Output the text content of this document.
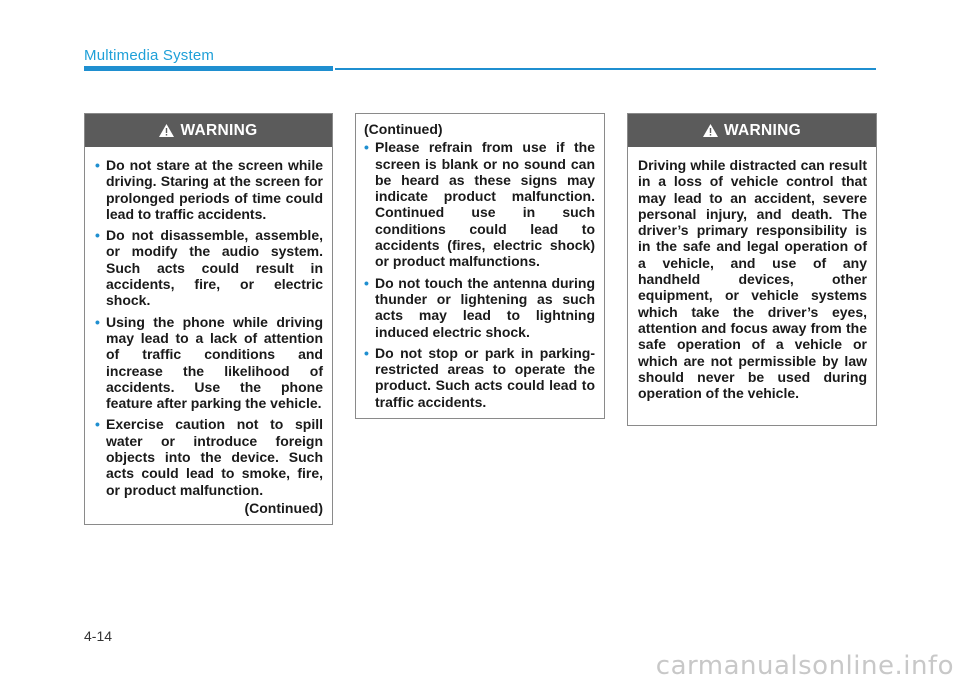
Multimedia System
WARNING
• Do not stare at the screen while driving. Staring at the screen for prolonged periods of time could lead to traffic accidents.
• Do not disassemble, assemble, or modify the audio system. Such acts could result in accidents, fire, or electric shock.
• Using the phone while driving may lead to a lack of attention of traffic conditions and increase the likelihood of accidents. Use the phone feature after parking the vehicle.
• Exercise caution not to spill water or introduce foreign objects into the device. Such acts could lead to smoke, fire, or product malfunction.
(Continued)
(Continued)
• Please refrain from use if the screen is blank or no sound can be heard as these signs may indicate product malfunction. Continued use in such conditions could lead to accidents (fires, electric shock) or product malfunctions.
• Do not touch the antenna during thunder or lightening as such acts may lead to lightning induced electric shock.
• Do not stop or park in parking-restricted areas to operate the product. Such acts could lead to traffic accidents.
WARNING
Driving while distracted can result in a loss of vehicle control that may lead to an accident, severe personal injury, and death. The driver’s primary responsibility is in the safe and legal operation of a vehicle, and use of any handheld devices, other equipment, or vehicle systems which take the driver’s eyes, attention and focus away from the safe operation of a vehicle or which are not permissible by law should never be used during operation of the vehicle.
4-14
carmanualsonline.info
